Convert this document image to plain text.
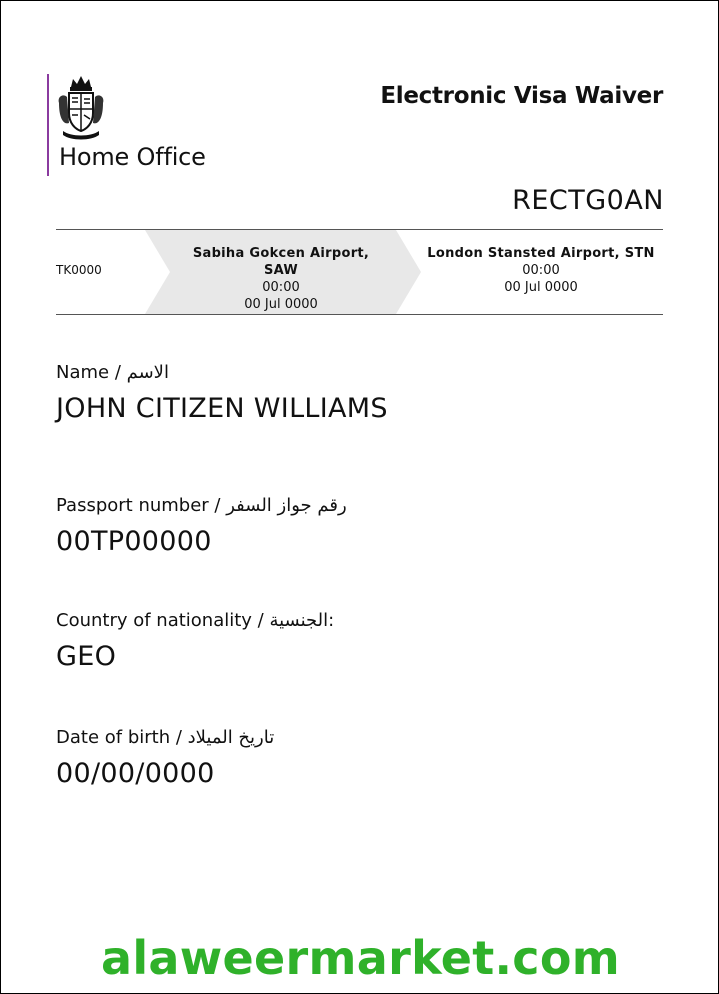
Home Office
Electronic Visa Waiver
RECTG0AN
TK0000
Sabiha Gokcen Airport,
SAW
00:00
00 Jul 0000
London Stansted Airport, STN
00:00
00 Jul 0000
Name / الاسم
JOHN CITIZEN WILLIAMS
Passport number / رقم جواز السفر
00TP00000
Country of nationality / الجنسية:
GEO
Date of birth / تاريخ الميلاد
00/00/0000
alaweermarket.com
